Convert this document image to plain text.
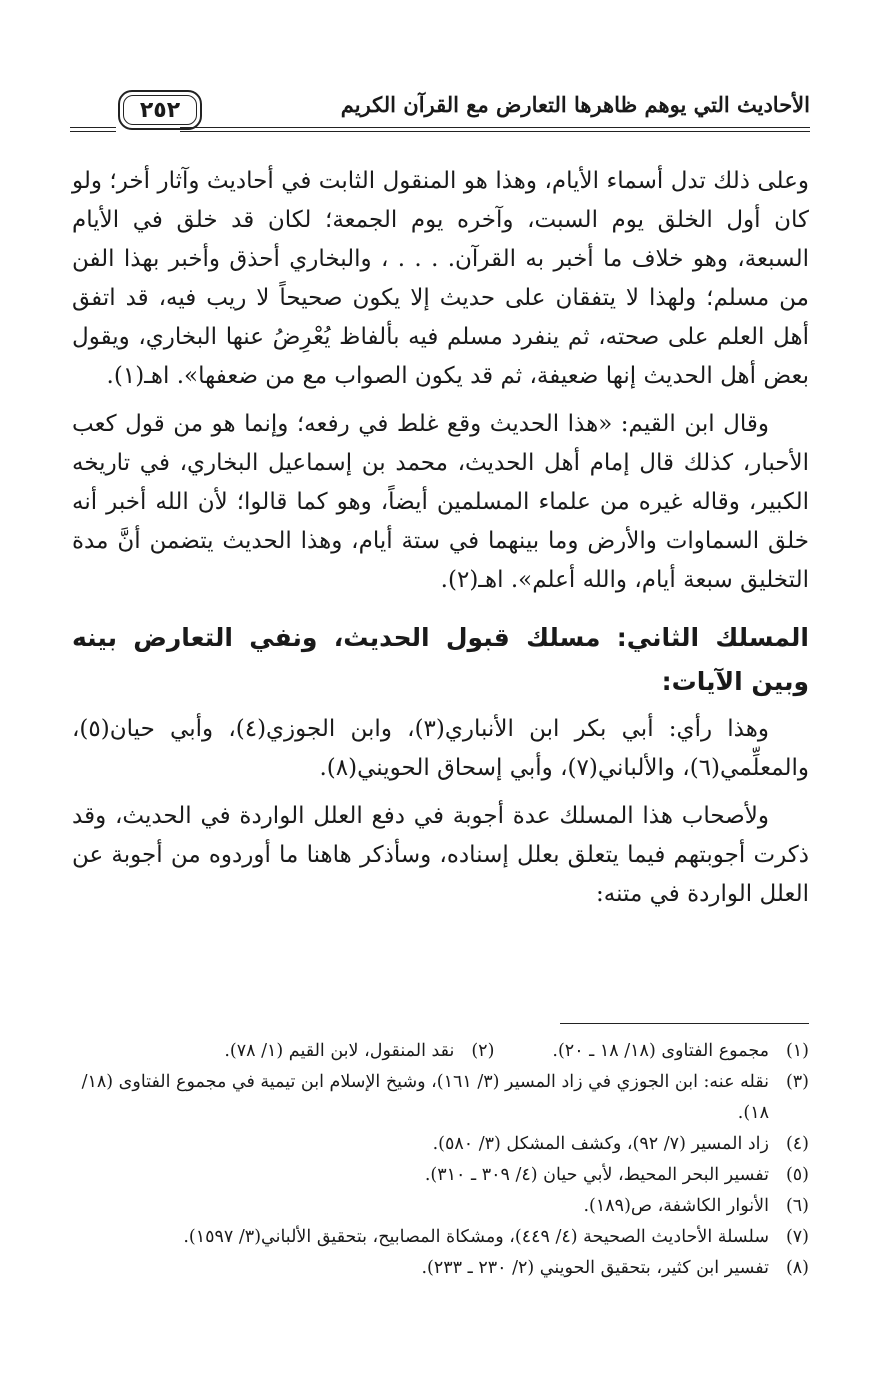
الأحاديث التي يوهم ظاهرها التعارض مع القرآن الكريم
٢٥٢

وعلى ذلك تدل أسماء الأيام، وهذا هو المنقول الثابت في أحاديث وآثار أخر؛ ولو كان أول الخلق يوم السبت، وآخره يوم الجمعة؛ لكان قد خلق في الأيام السبعة، وهو خلاف ما أخبر به القرآن. . . . ، والبخاري أحذق وأخبر بهذا الفن من مسلم؛ ولهذا لا يتفقان على حديث إلا يكون صحيحاً لا ريب فيه، قد اتفق أهل العلم على صحته، ثم ينفرد مسلم فيه بألفاظ يُعْرِضُ عنها البخاري، ويقول بعض أهل الحديث إنها ضعيفة، ثم قد يكون الصواب مع من ضعفها». اهـ(١).

وقال ابن القيم: «هذا الحديث وقع غلط في رفعه؛ وإنما هو من قول كعب الأحبار، كذلك قال إمام أهل الحديث، محمد بن إسماعيل البخاري، في تاريخه الكبير، وقاله غيره من علماء المسلمين أيضاً، وهو كما قالوا؛ لأن الله أخبر أنه خلق السماوات والأرض وما بينهما في ستة أيام، وهذا الحديث يتضمن أنَّ مدة التخليق سبعة أيام، والله أعلم». اهـ(٢).

المسلك الثاني: مسلك قبول الحديث، ونفي التعارض بينه وبين الآيات:

وهذا رأي: أبي بكر ابن الأنباري(٣)، وابن الجوزي(٤)، وأبي حيان(٥)، والمعلِّمي(٦)، والألباني(٧)، وأبي إسحاق الحويني(٨).

ولأصحاب هذا المسلك عدة أجوبة في دفع العلل الواردة في الحديث، وقد ذكرت أجوبتهم فيما يتعلق بعلل إسناده، وسأذكر هاهنا ما أوردوه من أجوبة عن العلل الواردة في متنه:

(١)
مجموع الفتاوى (١٨/ ١٨ ـ ٢٠).
(٢)
نقد المنقول، لابن القيم (١/ ٧٨).
(٣)
نقله عنه: ابن الجوزي في زاد المسير (٣/ ١٦١)، وشيخ الإسلام ابن تيمية في مجموع الفتاوى (١٨/ ١٨).
(٤)
زاد المسير (٧/ ٩٢)، وكشف المشكل (٣/ ٥٨٠).
(٥)
تفسير البحر المحيط، لأبي حيان (٤/ ٣٠٩ ـ ٣١٠).
(٦)
الأنوار الكاشفة، ص(١٨٩).
(٧)
سلسلة الأحاديث الصحيحة (٤/ ٤٤٩)، ومشكاة المصابيح، بتحقيق الألباني(٣/ ١٥٩٧).
(٨)
تفسير ابن كثير، بتحقيق الحويني (٢/ ٢٣٠ ـ ٢٣٣).
